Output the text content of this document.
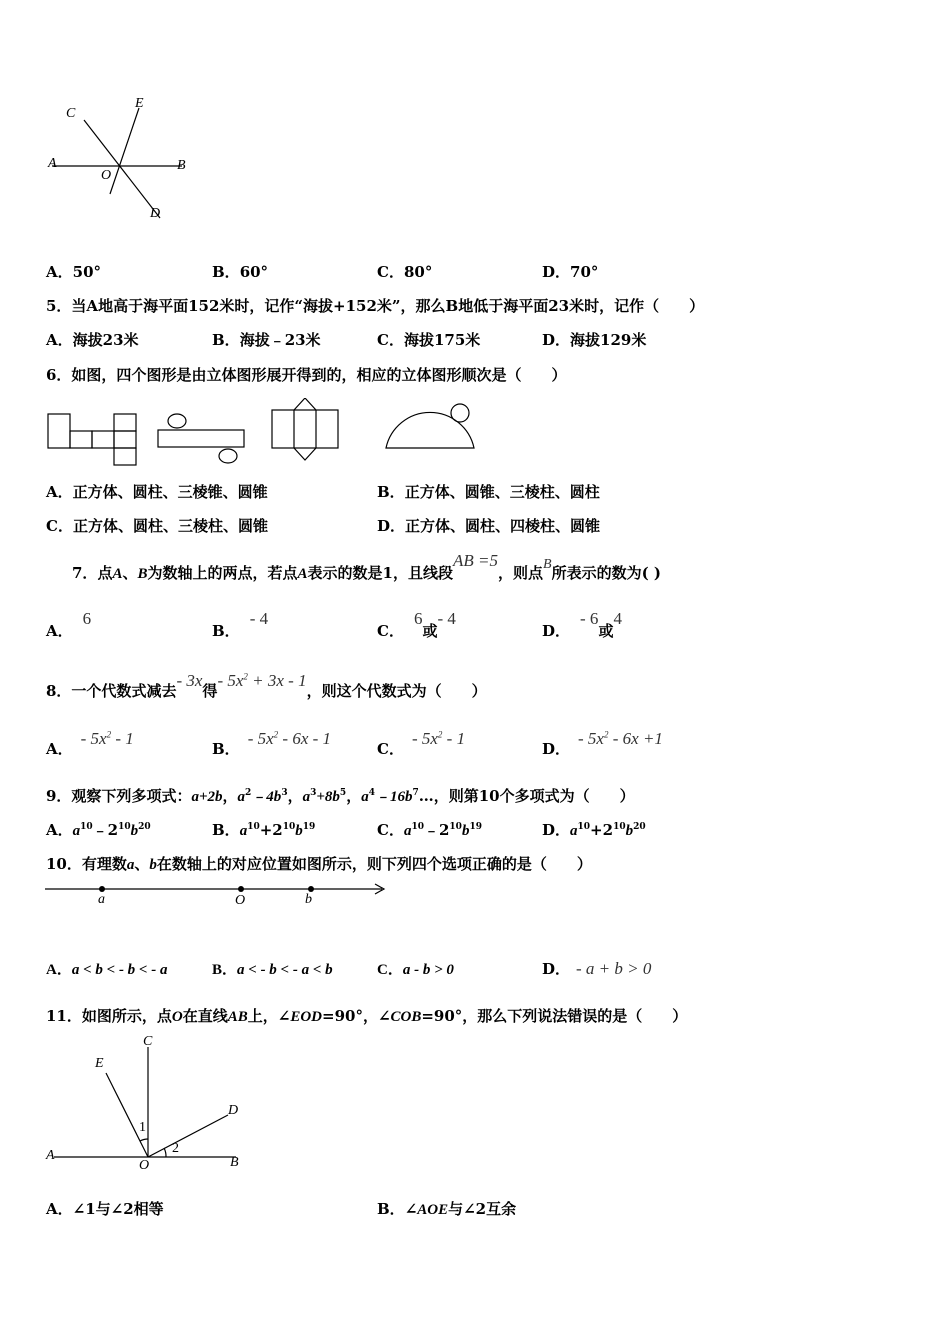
C
E
A
O
B
D
A．50°	B．60°	C．80°	D．70°
5．当A地高于海平面152米时，记作“海拔+152米”，那么B地低于海平面23米时，记作（　　）
A．海拔23米	B．海拔﹣23米	C．海拔175米	D．海拔129米
6．如图，四个图形是由立体图形展开得到的，相应的立体图形顺次是（　　）
A．正方体、圆柱、三棱锥、圆锥	B．正方体、圆锥、三棱柱、圆柱
C．正方体、圆柱、三棱柱、圆锥	D．正方体、圆柱、四棱柱、圆锥
7．点A、B为数轴上的两点，若点A表示的数是1，且线段AB =5，则点B所表示的数为( )
A．6
B．- 4
C．6或- 4
D．- 6或4
8．一个代数式减去- 3x得- $5x^2 + 3x - 1$，则这个代数式为（　　）
A．- $5x^2 - 1$
B．- $5x^2 - 6x - 1$
C．- $5x^2 - 1$
D．- $5x^2 - 6x +1$
9．观察下列多项式：a+2b，$a^2﹣4b^3$，$a^3+8b^5$，$a^4﹣16b^7\dots$，则第10个多项式为（　　）
A．$a^{10}﹣2^{10}b^{20}$	B．$a^{10}+2^{10}b^{19}$	C．$a^{10}﹣2^{10}b^{19}$	D．$a^{10}+2^{10}b^{20}$
10．有理数a、b在数轴上的对应位置如图所示，则下列四个选项正确的是（　　）
a	O	b
A．a < b < - b < - a	B．a < - b < - a < b	C．a - b > 0	D． - a + b > 0
11．如图所示，点O在直线AB上，∠EOD=90°，∠COB=90°，那么下列说法错误的是（　　）
C
E
D
A
O	B
1
2
A．∠1与∠2相等	B．∠AOE与∠2互余
